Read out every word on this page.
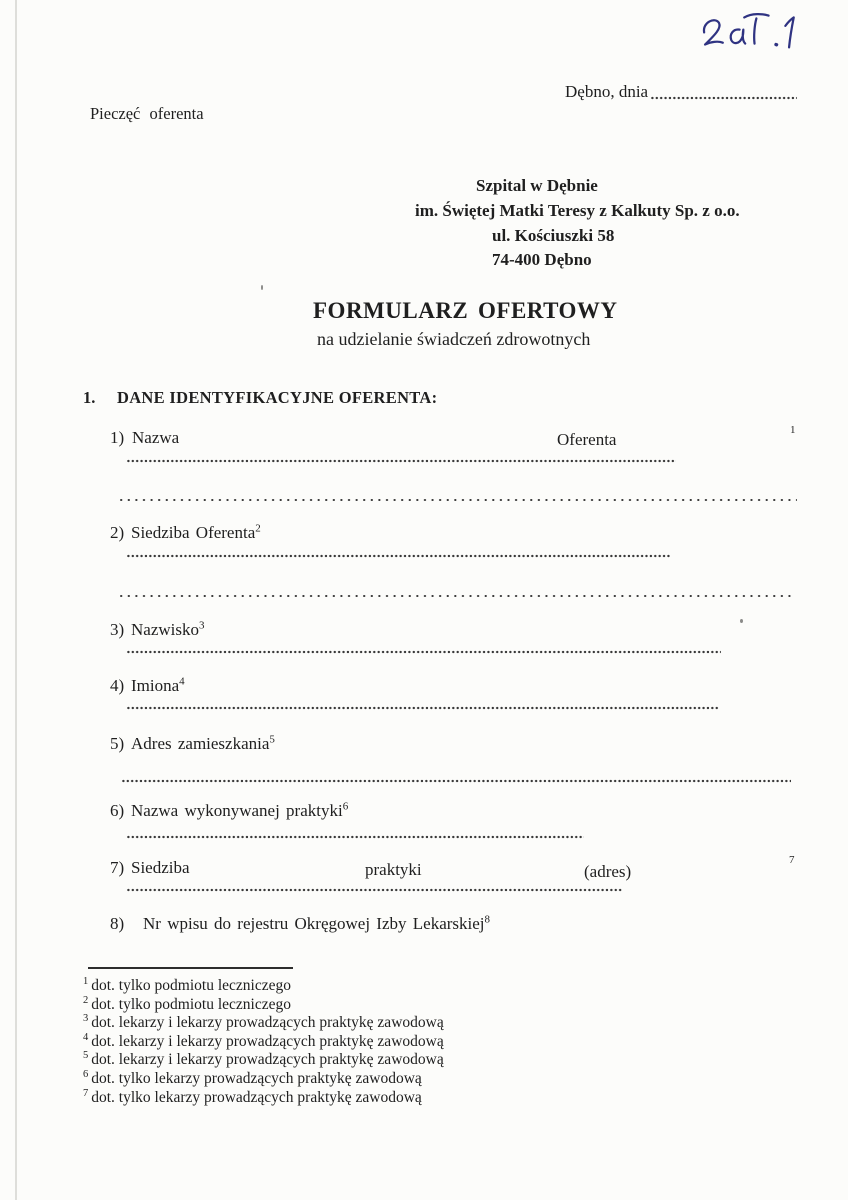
Dębno, dnia
Pieczęć oferenta
Szpital w Dębnie
im. Świętej Matki Teresy z Kalkuty Sp. z o.o.
ul. Kościuszki 58
74-400 Dębno
FORMULARZ OFERTOWY
na udzielanie świadczeń zdrowotnych
1. DANE IDENTYFIKACYJNE OFERENTA:
1) Nazwa	Oferenta	1
2) Siedziba Oferenta$^2$
3) Nazwisko$^3$
4) Imiona$^4$
5) Adres zamieszkania$^5$
6) Nazwa wykonywanej praktyki$^6$
7) Siedziba	praktyki	(adres)
7
8) Nr wpisu do rejestru Okręgowej Izby Lekarskiej$^8$
$^1$ dot. tylko podmiotu leczniczego
$^2$ dot. tylko podmiotu leczniczego
$^3$ dot. lekarzy i lekarzy prowadzących praktykę zawodową
$^4$ dot. lekarzy i lekarzy prowadzących praktykę zawodową
$^5$ dot. lekarzy i lekarzy prowadzących praktykę zawodową
$^6$ dot. tylko lekarzy prowadzących praktykę zawodową
$^7$ dot. tylko lekarzy prowadzących praktykę zawodową
